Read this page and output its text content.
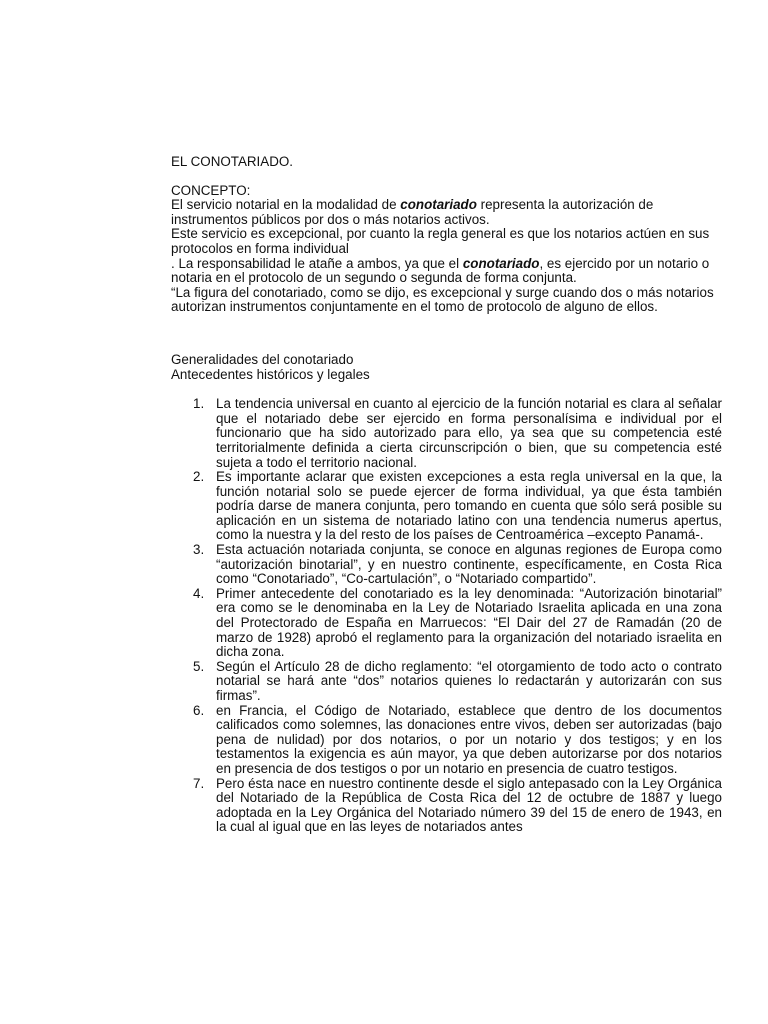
EL CONOTARIADO.

CONCEPTO:

El servicio notarial en la modalidad de conotariado representa la autorización de instrumentos públicos por dos o más notarios activos.

Este servicio es excepcional, por cuanto la regla general es que los notarios actúen en sus protocolos en forma individual

. La responsabilidad le atañe a ambos, ya que el conotariado, es ejercido por un notario o notaria en el protocolo de un segundo o segunda de forma conjunta.

“La figura del conotariado, como se dijo, es excepcional y surge cuando dos o más notarios autorizan instrumentos conjuntamente en el tomo de protocolo de alguno de ellos.

Generalidades del conotariado
Antecedentes históricos y legales
1. La tendencia universal en cuanto al ejercicio de la función notarial es clara al señalar que el notariado debe ser ejercido en forma personalísima e individual por el funcionario que ha sido autorizado para ello, ya sea que su competencia esté territorialmente definida a cierta circunscripción o bien, que su competencia esté sujeta a todo el territorio nacional.
2. Es importante aclarar que existen excepciones a esta regla universal en la que, la función notarial solo se puede ejercer de forma individual, ya que ésta también podría darse de manera conjunta, pero tomando en cuenta que sólo será posible su aplicación en un sistema de notariado latino con una tendencia numerus apertus, como la nuestra y la del resto de los países de Centroamérica –excepto Panamá-.
3. Esta actuación notariada conjunta, se conoce en algunas regiones de Europa como “autorización binotarial”, y en nuestro continente, específicamente, en Costa Rica como “Conotariado”, “Co-cartulación”, o “Notariado compartido”.
4. Primer antecedente del conotariado es la ley denominada: “Autorización binotarial” era como se le denominaba en la Ley de Notariado Israelita aplicada en una zona del Protectorado de España en Marruecos: “El Dair del 27 de Ramadán (20 de marzo de 1928) aprobó el reglamento para la organización del notariado israelita en dicha zona.
5. Según el Artículo 28 de dicho reglamento: “el otorgamiento de todo acto o contrato notarial se hará ante “dos” notarios quienes lo redactarán y autorizarán con sus firmas”.
6. en Francia, el Código de Notariado, establece que dentro de los documentos calificados como solemnes, las donaciones entre vivos, deben ser autorizadas (bajo pena de nulidad) por dos notarios, o por un notario y dos testigos; y en los testamentos la exigencia es aún mayor, ya que deben autorizarse por dos notarios en presencia de dos testigos o por un notario en presencia de cuatro testigos.
7. Pero ésta nace en nuestro continente desde el siglo antepasado con la Ley Orgánica del Notariado de la República de Costa Rica del 12 de octubre de 1887 y luego adoptada en la Ley Orgánica del Notariado número 39 del 15 de enero de 1943, en la cual al igual que en las leyes de notariados antes
